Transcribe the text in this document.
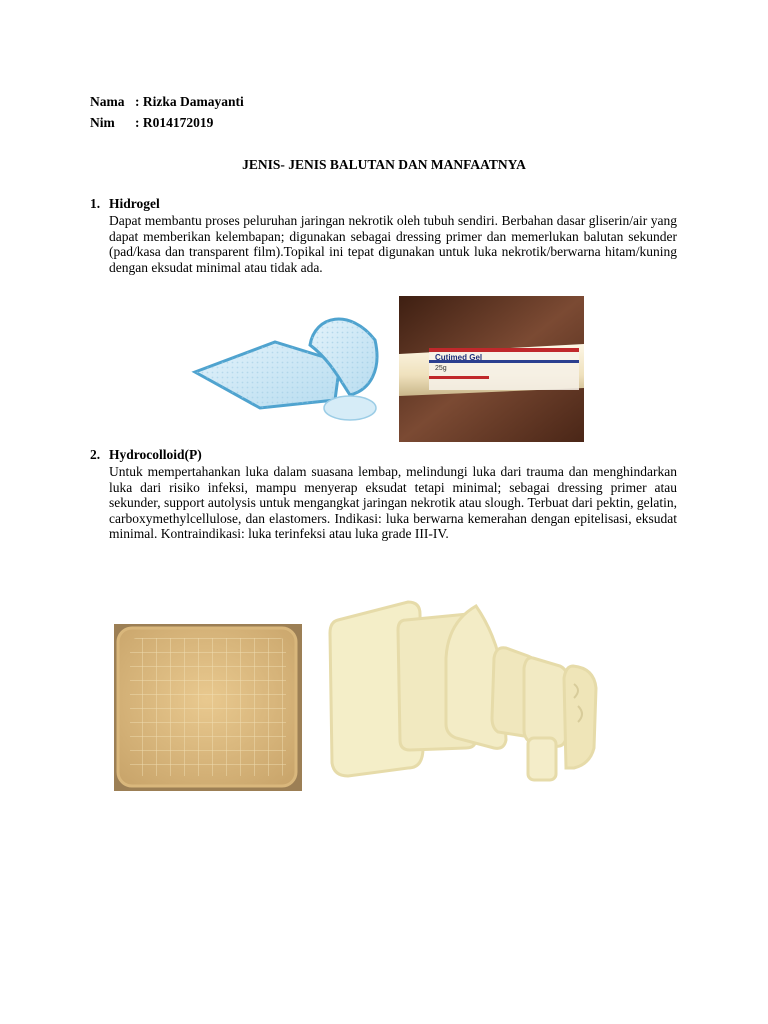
Nama : Rizka Damayanti
Nim : R014172019
JENIS- JENIS BALUTAN DAN MANFAATNYA
1. Hidrogel
Dapat membantu proses peluruhan jaringan nekrotik oleh tubuh sendiri. Berbahan dasar gliserin/air yang dapat memberikan kelembapan; digunakan sebagai dressing primer dan memerlukan balutan sekunder (pad/kasa dan transparent film).Topikal ini tepat digunakan untuk luka nekrotik/berwarna hitam/kuning dengan eksudat minimal atau tidak ada.
Cutimed Gel
25g
2. Hydrocolloid(P)
Untuk mempertahankan luka dalam suasana lembap, melindungi luka dari trauma dan menghindarkan luka dari risiko infeksi, mampu menyerap eksudat tetapi minimal; sebagai dressing primer atau sekunder, support autolysis untuk mengangkat jaringan nekrotik atau slough. Terbuat dari pektin, gelatin, carboxymethylcellulose, dan elastomers. Indikasi: luka berwarna kemerahan dengan epitelisasi, eksudat minimal. Kontraindikasi: luka terinfeksi atau luka grade III-IV.
